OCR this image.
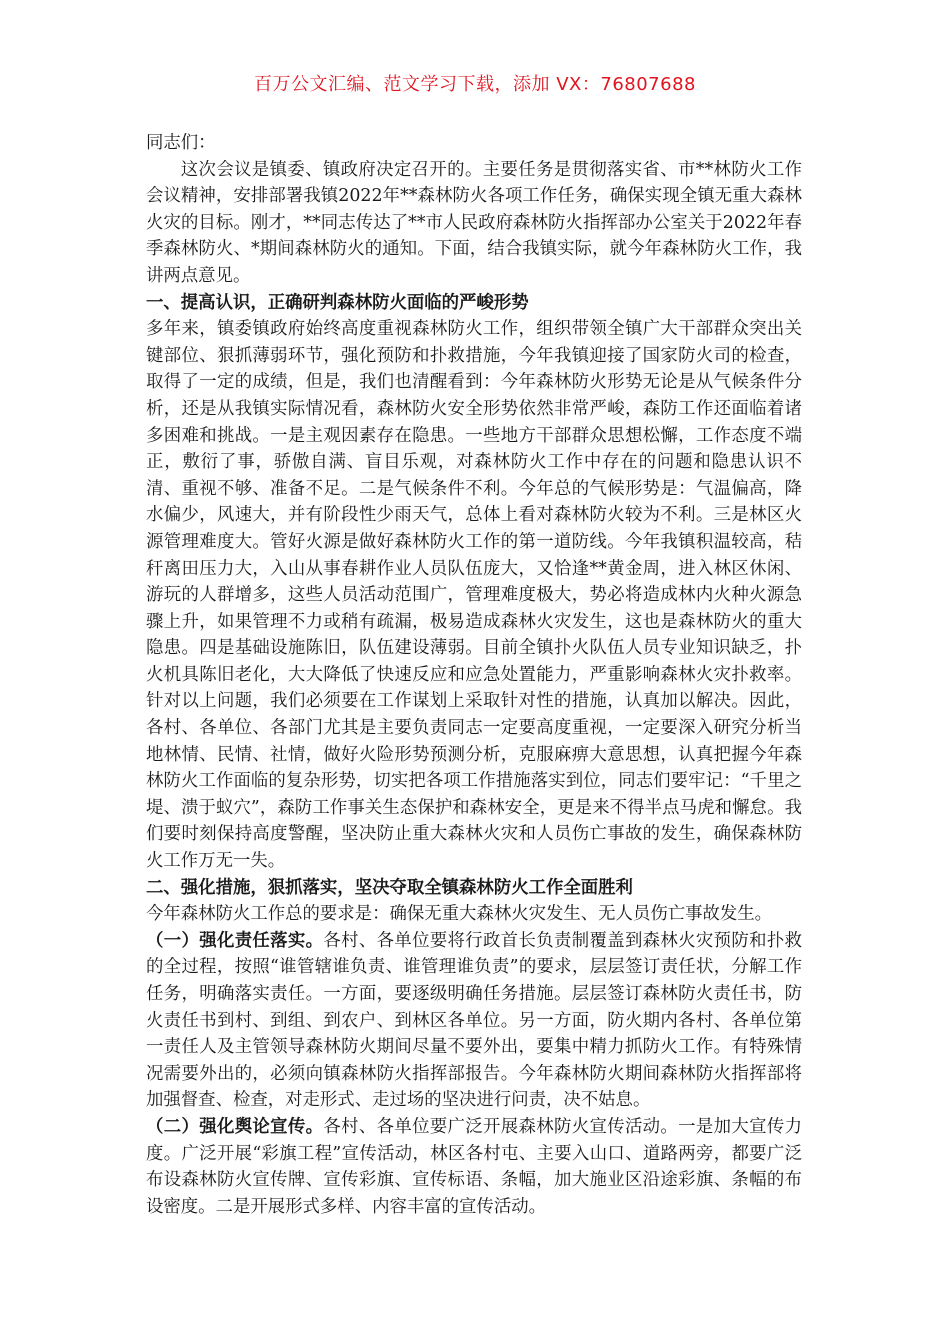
百万公文汇编、范文学习下载，添加 VX：76807688

同志们：

这次会议是镇委、镇政府决定召开的。主要任务是贯彻落实省、市**林防火工作会议精神，安排部署我镇2022年**森林防火各项工作任务，确保实现全镇无重大森林火灾的目标。刚才，**同志传达了**市人民政府森林防火指挥部办公室关于2022年春季森林防火、*期间森林防火的通知。下面，结合我镇实际，就今年森林防火工作，我讲两点意见。

一、提高认识，正确研判森林防火面临的严峻形势

多年来，镇委镇政府始终高度重视森林防火工作，组织带领全镇广大干部群众突出关键部位、狠抓薄弱环节，强化预防和扑救措施，今年我镇迎接了国家防火司的检查，取得了一定的成绩，但是，我们也清醒看到：今年森林防火形势无论是从气候条件分析，还是从我镇实际情况看，森林防火安全形势依然非常严峻，森防工作还面临着诸多困难和挑战。一是主观因素存在隐患。一些地方干部群众思想松懈，工作态度不端正，敷衍了事，骄傲自满、盲目乐观，对森林防火工作中存在的问题和隐患认识不清、重视不够、准备不足。二是气候条件不利。今年总的气候形势是：气温偏高，降水偏少，风速大，并有阶段性少雨天气，总体上看对森林防火较为不利。三是林区火源管理难度大。管好火源是做好森林防火工作的第一道防线。今年我镇积温较高，秸秆离田压力大，入山从事春耕作业人员队伍庞大，又恰逢**黄金周，进入林区休闲、游玩的人群增多，这些人员活动范围广，管理难度极大，势必将造成林内火种火源急骤上升，如果管理不力或稍有疏漏，极易造成森林火灾发生，这也是森林防火的重大隐患。四是基础设施陈旧，队伍建设薄弱。目前全镇扑火队伍人员专业知识缺乏，扑火机具陈旧老化，大大降低了快速反应和应急处置能力，严重影响森林火灾扑救率。针对以上问题，我们必须要在工作谋划上采取针对性的措施，认真加以解决。因此，各村、各单位、各部门尤其是主要负责同志一定要高度重视，一定要深入研究分析当地林情、民情、社情，做好火险形势预测分析，克服麻痹大意思想，认真把握今年森林防火工作面临的复杂形势，切实把各项工作措施落实到位，同志们要牢记：“千里之堤、溃于蚁穴”，森防工作事关生态保护和森林安全，更是来不得半点马虎和懈怠。我们要时刻保持高度警醒，坚决防止重大森林火灾和人员伤亡事故的发生，确保森林防火工作万无一失。

二、强化措施，狠抓落实，坚决夺取全镇森林防火工作全面胜利

今年森林防火工作总的要求是：确保无重大森林火灾发生、无人员伤亡事故发生。

（一）强化责任落实。各村、各单位要将行政首长负责制覆盖到森林火灾预防和扑救的全过程，按照“谁管辖谁负责、谁管理谁负责”的要求，层层签订责任状，分解工作任务，明确落实责任。一方面，要逐级明确任务措施。层层签订森林防火责任书，防火责任书到村、到组、到农户、到林区各单位。另一方面，防火期内各村、各单位第一责任人及主管领导森林防火期间尽量不要外出，要集中精力抓防火工作。有特殊情况需要外出的，必须向镇森林防火指挥部报告。今年森林防火期间森林防火指挥部将加强督查、检查，对走形式、走过场的坚决进行问责，决不姑息。

（二）强化舆论宣传。各村、各单位要广泛开展森林防火宣传活动。一是加大宣传力度。广泛开展“彩旗工程”宣传活动，林区各村屯、主要入山口、道路两旁，都要广泛布设森林防火宣传牌、宣传彩旗、宣传标语、条幅，加大施业区沿途彩旗、条幅的布设密度。二是开展形式多样、内容丰富的宣传活动。
